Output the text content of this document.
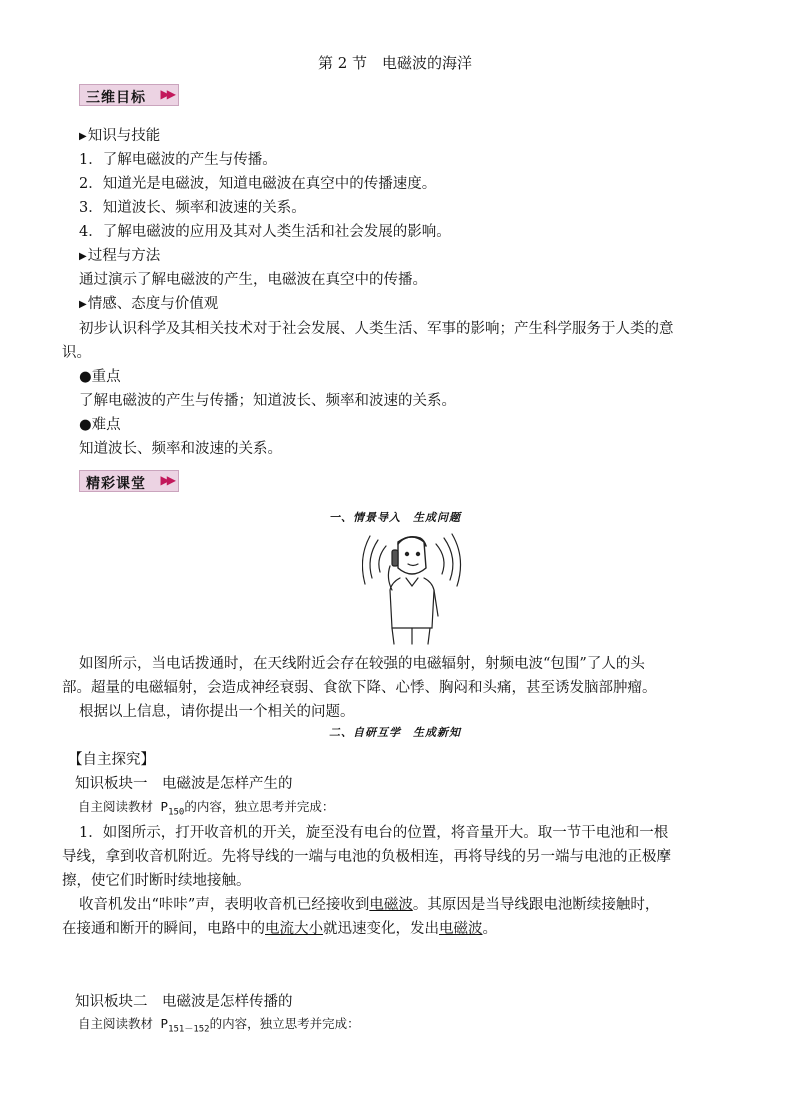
第 2 节　电磁波的海洋
三维目标 ▶▶
▶知识与技能
1．了解电磁波的产生与传播。
2．知道光是电磁波，知道电磁波在真空中的传播速度。
3．知道波长、频率和波速的关系。
4．了解电磁波的应用及其对人类生活和社会发展的影响。
▶过程与方法
通过演示了解电磁波的产生，电磁波在真空中的传播。
▶情感、态度与价值观
初步认识科学及其相关技术对于社会发展、人类生活、军事的影响；产生科学服务于人类的意
识。
●重点
了解电磁波的产生与传播；知道波长、频率和波速的关系。
●难点
知道波长、频率和波速的关系。
精彩课堂 ▶▶
一、情景导入　生成问题
如图所示，当电话拨通时，在天线附近会存在较强的电磁辐射，射频电波“包围”了人的头
部。超量的电磁辐射，会造成神经衰弱、食欲下降、心悸、胸闷和头痛，甚至诱发脑部肿瘤。
根据以上信息，请你提出一个相关的问题。
二、自研互学　生成新知
【自主探究】
知识板块一　电磁波是怎样产生的
自主阅读教材 $P_{150}$的内容，独立思考并完成：
1．如图所示，打开收音机的开关，旋至没有电台的位置，将音量开大。取一节干电池和一根
导线，拿到收音机附近。先将导线的一端与电池的负极相连，再将导线的另一端与电池的正极摩
擦，使它们时断时续地接触。
收音机发出“咔咔”声，表明收音机已经接收到电磁波。其原因是当导线跟电池断续接触时，
在接通和断开的瞬间，电路中的电流大小就迅速变化，发出电磁波。
知识板块二　电磁波是怎样传播的
自主阅读教材 $P_{151-152}$的内容，独立思考并完成：
